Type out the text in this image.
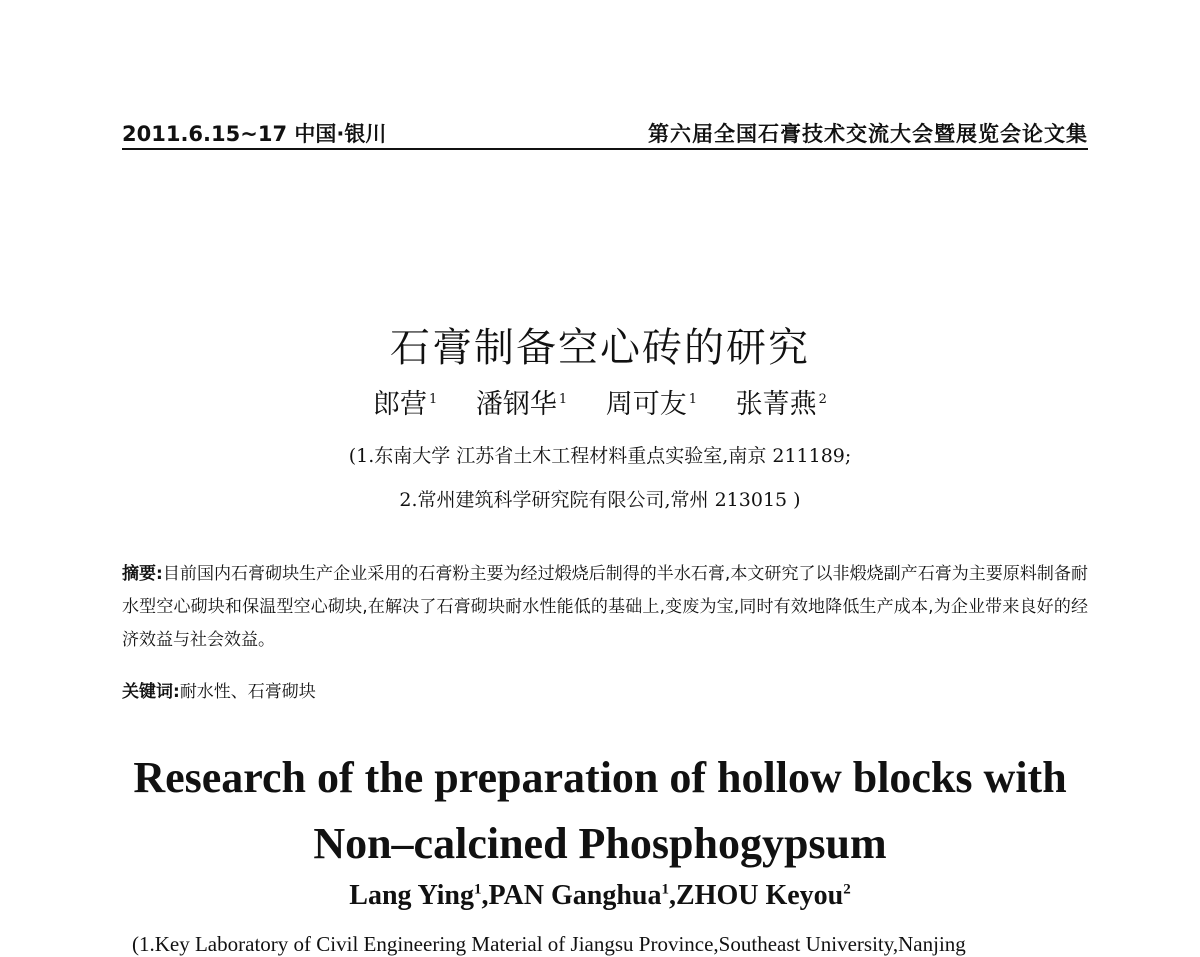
2011.6.15~17 中国·银川	第六届全国石膏技术交流大会暨展览会论文集
石膏制备空心砖的研究
郎营 $^1$ 潘钢华 $^1$ 周可友 $^1$ 张菁燕 $^2$
(1.东南大学 江苏省土木工程材料重点实验室,南京 211189;
2.常州建筑科学研究院有限公司,常州 213015 )
摘要:目前国内石膏砌块生产企业采用的石膏粉主要为经过煅烧后制得的半水石膏,本文研究了以非煅烧副产石膏为主要原料制备耐水型空心砌块和保温型空心砌块,在解决了石膏砌块耐水性能低的基础上,变废为宝,同时有效地降低生产成本,为企业带来良好的经济效益与社会效益。
关键词:耐水性、石膏砌块
Research of the preparation of hollow blocks with
Non–calcined Phosphogypsum
Lang Ying$^1$,PAN Ganghua$^1$,ZHOU Keyou$^2$
(1.Key Laboratory of Civil Engineering Material of Jiangsu Province,Southeast University,Nanjing
